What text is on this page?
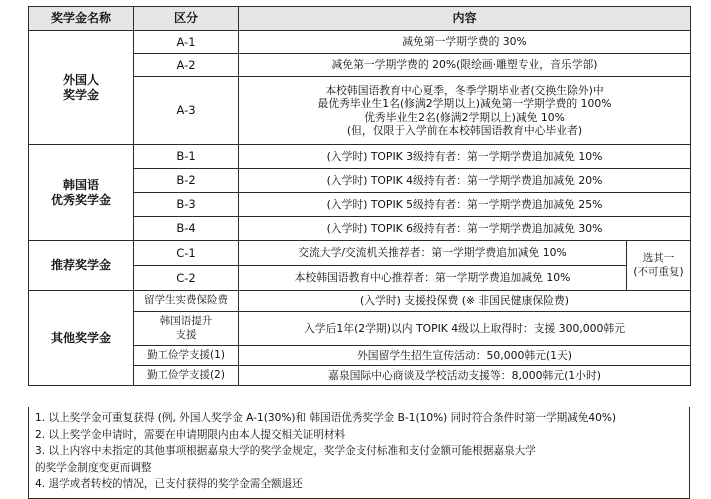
奖学金名称	区分	内容	

外国人
奖学金	A-1	减免第一学期学费的 30%	
	A-2	减免第一学期学费的 20%(限绘画·雕塑专业，音乐学部)	
	A-3	本校韩国语教育中心夏季，冬季学期毕业者(交换生除外)中
最优秀毕业生1名(修满2学期以上)减免第一学期学费的 100%
优秀毕业生2名(修满2学期以上)减免 10%
(但，仅限于入学前在本校韩国语教育中心毕业者)	

韩国语
优秀奖学金	B-1	(入学时) TOPIK 3级持有者：第一学期学费追加减免 10%	
	B-2	(入学时) TOPIK 4级持有者：第一学期学费追加减免 20%	
	B-3	(入学时) TOPIK 5级持有者：第一学期学费追加减免 25%	
	B-4	(入学时) TOPIK 6级持有者：第一学期学费追加减免 30%	
推荐奖学金	C-1	交流大学/交流机关推荐者：第一学期学费追加减免 10%	选其一
(不可重复)

	C-2	本校韩国语教育中心推荐者：第一学期学费追加减免 10%	
其他奖学金	留学生实费保险费	(入学时) 支援投保费 (※ 非国民健康保险费)	

	韩国语提升
支援	入学后1年(2学期)以内 TOPIK 4级以上取得时：支援 300,000韩元	
	勤工俭学支援(1)	外国留学生招生宣传活动：50,000韩元(1天)	
	勤工俭学支援(2)	嘉泉国际中心商谈及学校活动支援等：8,000韩元(1小时)	
1. 以上奖学金可重复获得 (例, 外国人奖学金 A-1(30%)和 韩国语优秀奖学金 B-1(10%) 同时符合条件时第一学期减免40%)
2. 以上奖学金申请时，需要在申请期限内由本人提交相关证明材料
3. 以上内容中未指定的其他事项根据嘉泉大学的奖学金规定，奖学金支付标准和支付金额可能根据嘉泉大学
的奖学金制度变更而调整
4. 退学或者转校的情况，已支付获得的奖学金需全额退还
